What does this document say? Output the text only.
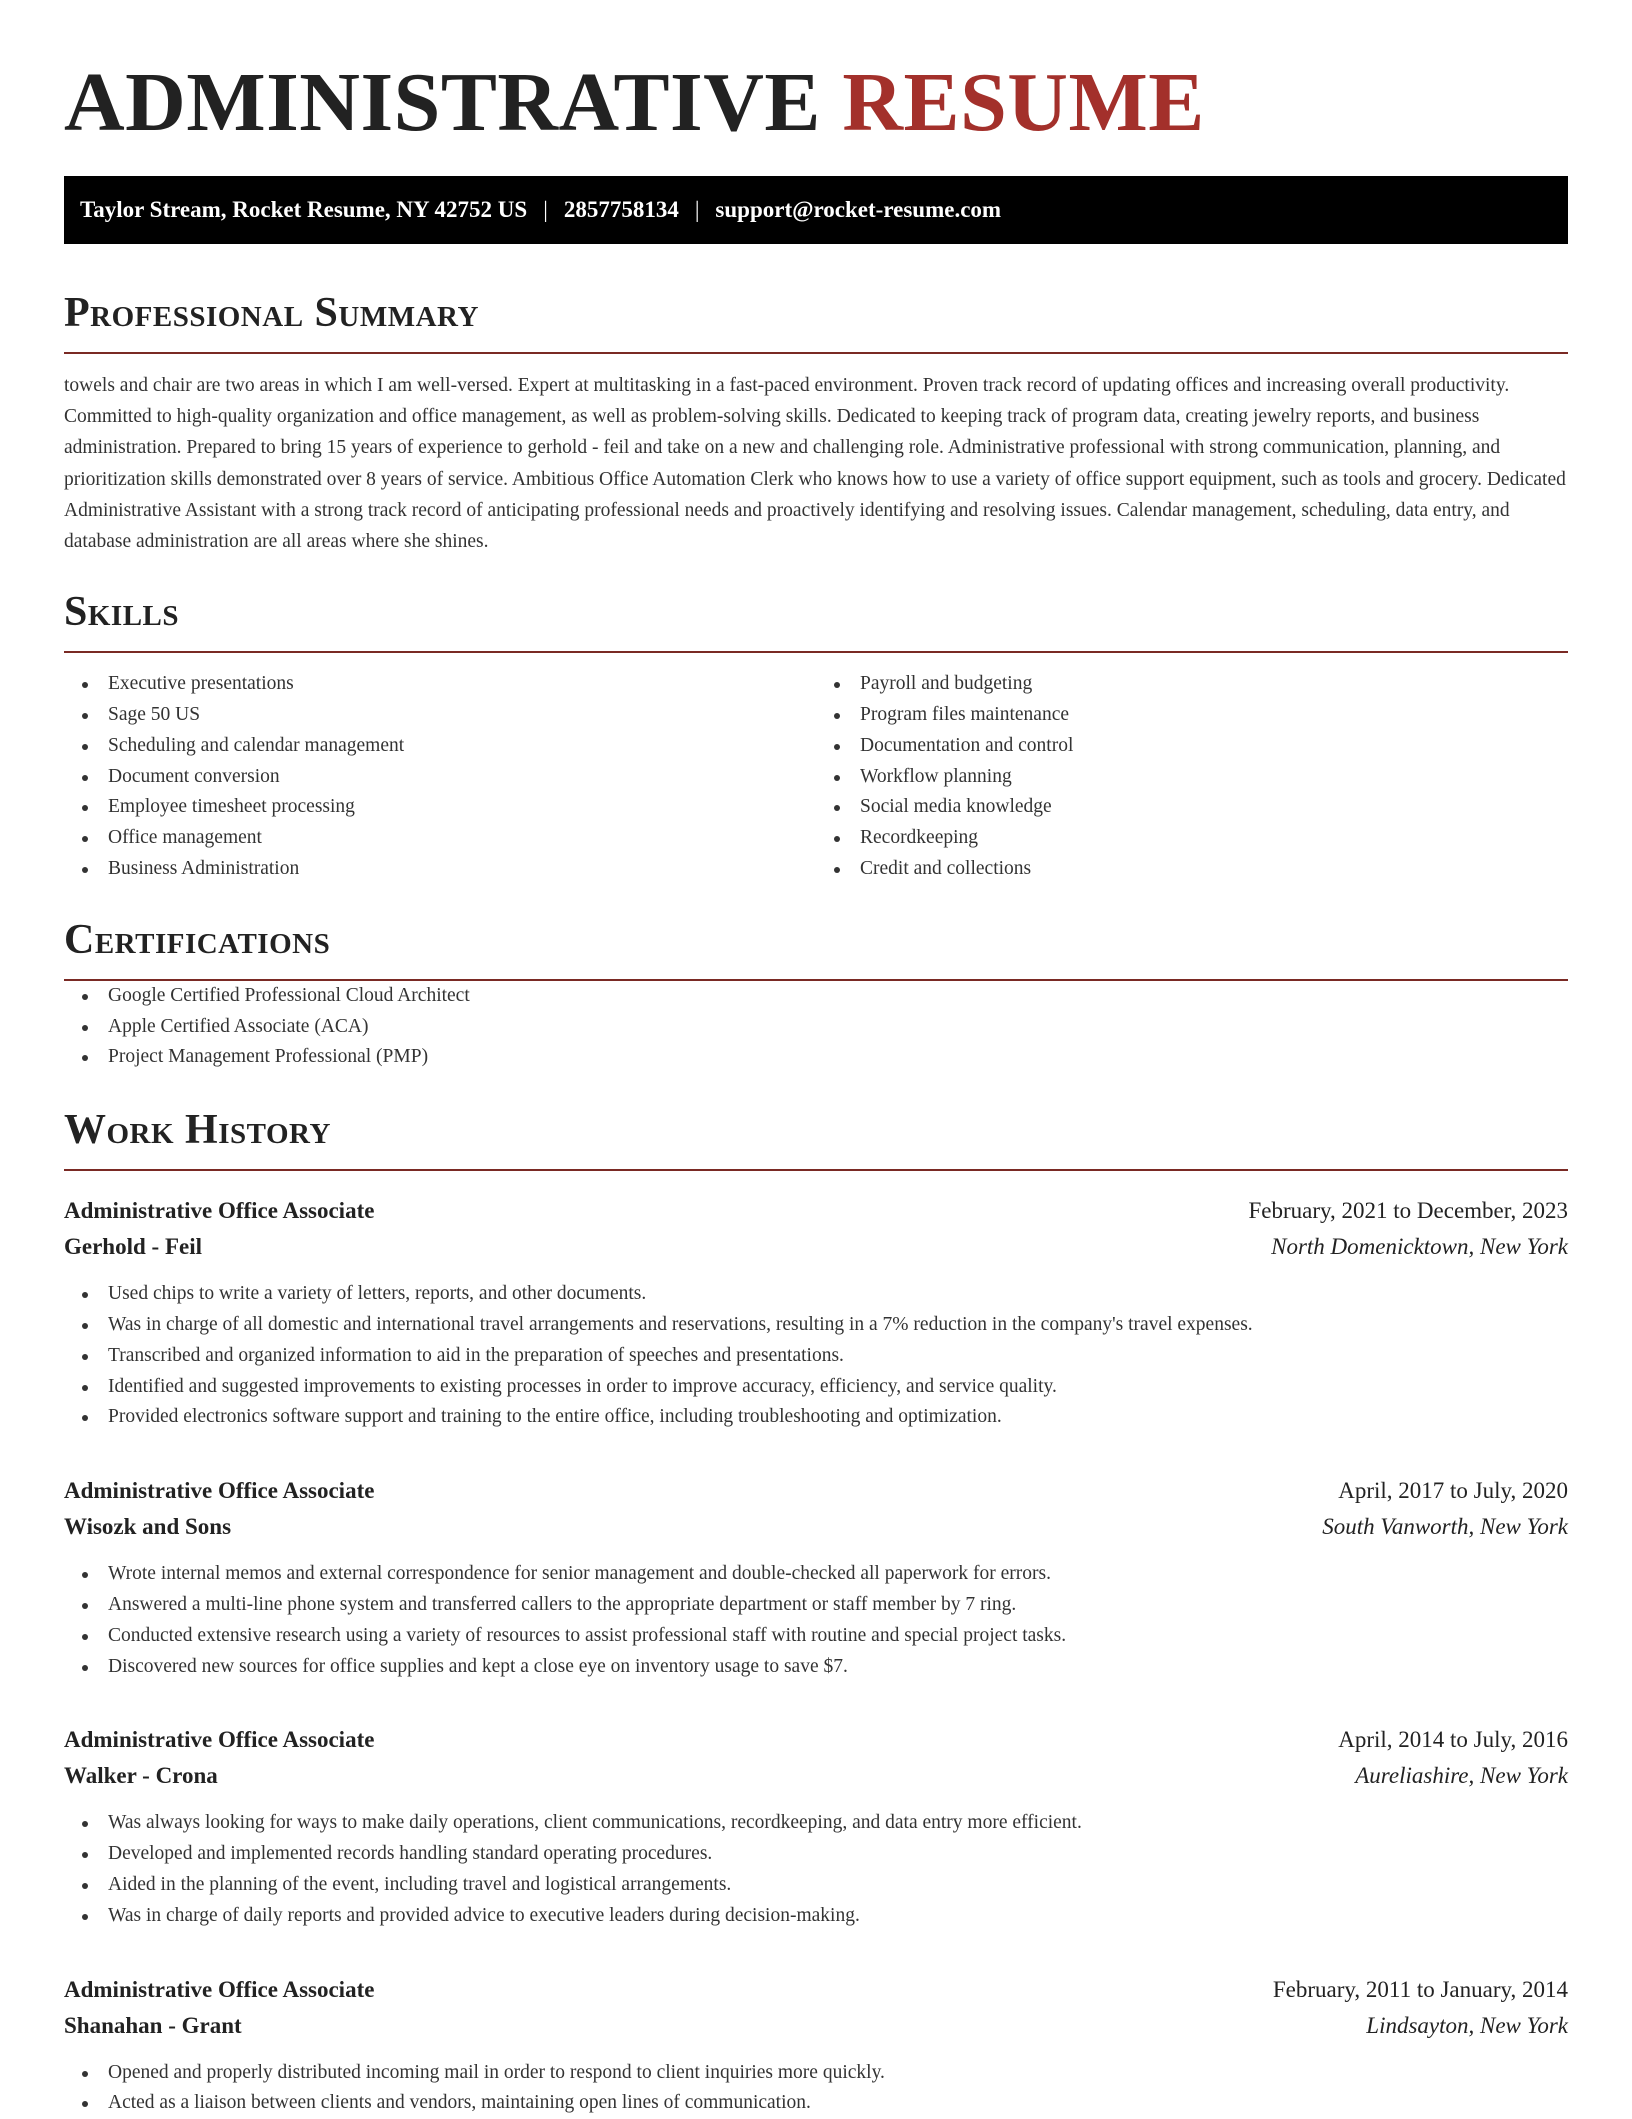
ADMINISTRATIVE RESUME
Taylor Stream, Rocket Resume, NY 42752 US | 2857758134 | support@rocket-resume.com
Professional Summary

towels and chair are two areas in which I am well-versed. Expert at multitasking in a fast-paced environment. Proven track record of updating offices and increasing overall productivity. Committed to high-quality organization and office management, as well as problem-solving skills. Dedicated to keeping track of program data, creating jewelry reports, and business administration. Prepared to bring 15 years of experience to gerhold - feil and take on a new and challenging role. Administrative professional with strong communication, planning, and prioritization skills demonstrated over 8 years of service. Ambitious Office Automation Clerk who knows how to use a variety of office support equipment, such as tools and grocery. Dedicated Administrative Assistant with a strong track record of anticipating professional needs and proactively identifying and resolving issues. Calendar management, scheduling, data entry, and database administration are all areas where she shines.

Skills
Executive presentations
Sage 50 US
Scheduling and calendar management
Document conversion
Employee timesheet processing
Office management
Business Administration
Payroll and budgeting
Program files maintenance
Documentation and control
Workflow planning
Social media knowledge
Recordkeeping
Credit and collections
Certifications
Google Certified Professional Cloud Architect
Apple Certified Associate (ACA)
Project Management Professional (PMP)
Work History
Administrative Office Associate	February, 2021 to December, 2023
Gerhold - Feil	North Domenicktown, New York
Used chips to write a variety of letters, reports, and other documents.
Was in charge of all domestic and international travel arrangements and reservations, resulting in a 7% reduction in the company's travel expenses.
Transcribed and organized information to aid in the preparation of speeches and presentations.
Identified and suggested improvements to existing processes in order to improve accuracy, efficiency, and service quality.
Provided electronics software support and training to the entire office, including troubleshooting and optimization.
Administrative Office Associate	April, 2017 to July, 2020
Wisozk and Sons	South Vanworth, New York
Wrote internal memos and external correspondence for senior management and double-checked all paperwork for errors.
Answered a multi-line phone system and transferred callers to the appropriate department or staff member by 7 ring.
Conducted extensive research using a variety of resources to assist professional staff with routine and special project tasks.
Discovered new sources for office supplies and kept a close eye on inventory usage to save $7.
Administrative Office Associate	April, 2014 to July, 2016
Walker - Crona	Aureliashire, New York
Was always looking for ways to make daily operations, client communications, recordkeeping, and data entry more efficient.
Developed and implemented records handling standard operating procedures.
Aided in the planning of the event, including travel and logistical arrangements.
Was in charge of daily reports and provided advice to executive leaders during decision-making.
Administrative Office Associate	February, 2011 to January, 2014
Shanahan - Grant	Lindsayton, New York
Opened and properly distributed incoming mail in order to respond to client inquiries more quickly.
Acted as a liaison between clients and vendors, maintaining open lines of communication.
